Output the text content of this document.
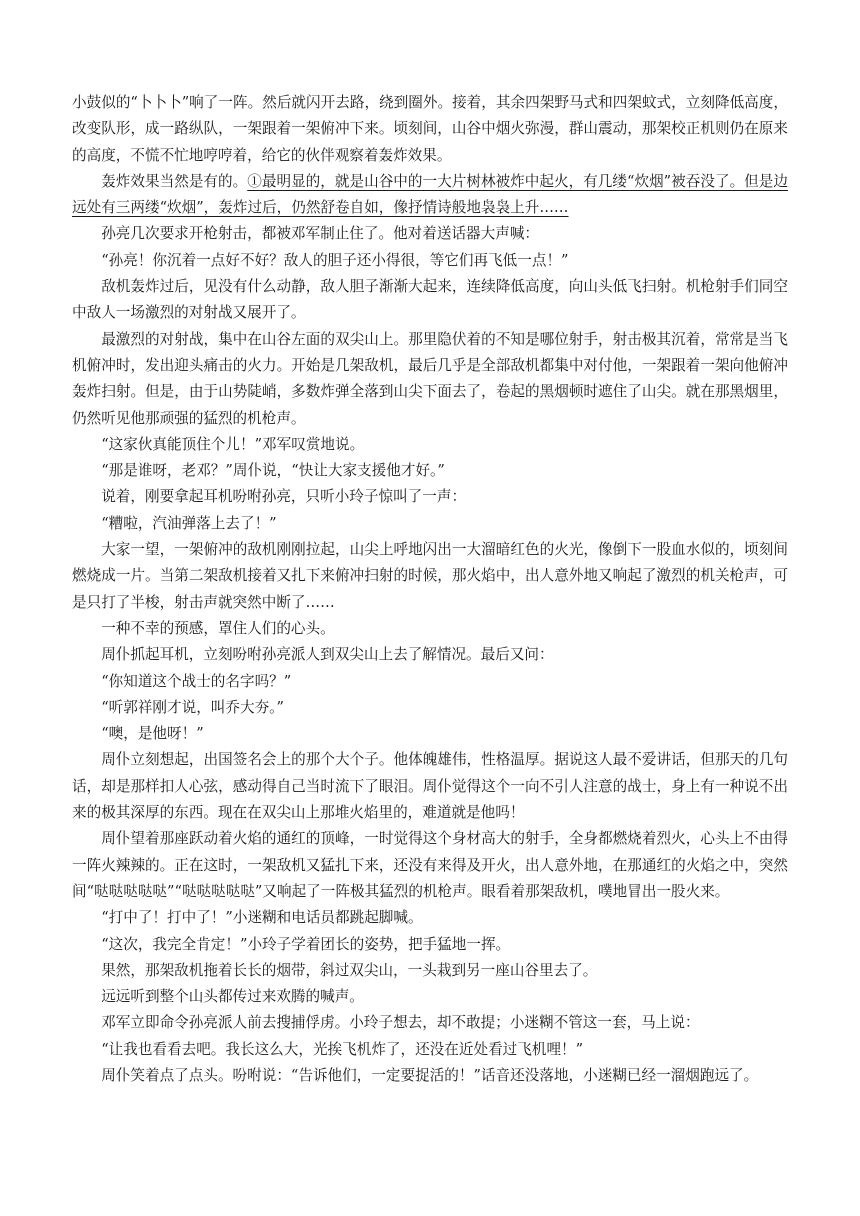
小鼓似的“卜卜卜”响了一阵。然后就闪开去路，绕到圈外。接着，其余四架野马式和四架蚊式，立刻降低高度，改变队形，成一路纵队，一架跟着一架俯冲下来。顷刻间，山谷中烟火弥漫，群山震动，那架校正机则仍在原来的高度，不慌不忙地哼哼着，给它的伙伴观察着轰炸效果。

轰炸效果当然是有的。①最明显的，就是山谷中的一大片树林被炸中起火，有几缕“炊烟”被吞没了。但是边远处有三两缕“炊烟”，轰炸过后，仍然舒卷自如，像抒情诗般地袅袅上升……

孙亮几次要求开枪射击，都被邓军制止住了。他对着送话器大声喊：

“孙亮！你沉着一点好不好？敌人的胆子还小得很，等它们再飞低一点！”

敌机轰炸过后，见没有什么动静，敌人胆子渐渐大起来，连续降低高度，向山头低飞扫射。机枪射手们同空中敌人一场激烈的对射战又展开了。

最激烈的对射战，集中在山谷左面的双尖山上。那里隐伏着的不知是哪位射手，射击极其沉着，常常是当飞机俯冲时，发出迎头痛击的火力。开始是几架敌机，最后几乎是全部敌机都集中对付他，一架跟着一架向他俯冲轰炸扫射。但是，由于山势陡峭，多数炸弹全落到山尖下面去了，卷起的黑烟顿时遮住了山尖。就在那黑烟里，仍然听见他那顽强的猛烈的机枪声。

“这家伙真能顶住个儿！”邓军叹赏地说。

“那是谁呀，老邓？”周仆说，“快让大家支援他才好。”

说着，刚要拿起耳机吩咐孙亮，只听小玲子惊叫了一声：

“糟啦，汽油弹落上去了！”

大家一望，一架俯冲的敌机刚刚拉起，山尖上呼地闪出一大溜暗红色的火光，像倒下一股血水似的，顷刻间燃烧成一片。当第二架敌机接着又扎下来俯冲扫射的时候，那火焰中，出人意外地又响起了激烈的机关枪声，可是只打了半梭，射击声就突然中断了……

一种不幸的预感，罩住人们的心头。

周仆抓起耳机，立刻吩咐孙亮派人到双尖山上去了解情况。最后又问：

“你知道这个战士的名字吗？”

“听郭祥刚才说，叫乔大夯。”

“噢，是他呀！”

周仆立刻想起，出国签名会上的那个大个子。他体魄雄伟，性格温厚。据说这人最不爱讲话，但那天的几句话，却是那样扣人心弦，感动得自己当时流下了眼泪。周仆觉得这个一向不引人注意的战士，身上有一种说不出来的极其深厚的东西。现在在双尖山上那堆火焰里的，难道就是他吗！

周仆望着那座跃动着火焰的通红的顶峰，一时觉得这个身材高大的射手，全身都燃烧着烈火，心头上不由得一阵火辣辣的。正在这时，一架敌机又猛扎下来，还没有来得及开火，出人意外地，在那通红的火焰之中，突然间“哒哒哒哒哒”“哒哒哒哒哒”又响起了一阵极其猛烈的机枪声。眼看着那架敌机，噗地冒出一股火来。

“打中了！打中了！”小迷糊和电话员都跳起脚喊。

“这次，我完全肯定！”小玲子学着团长的姿势，把手猛地一挥。

果然，那架敌机拖着长长的烟带，斜过双尖山，一头栽到另一座山谷里去了。

远远听到整个山头都传过来欢腾的喊声。

邓军立即命令孙亮派人前去搜捕俘虏。小玲子想去，却不敢提；小迷糊不管这一套，马上说：

“让我也看看去吧。我长这么大，光挨飞机炸了，还没在近处看过飞机哩！”

周仆笑着点了点头。吩咐说：“告诉他们，一定要捉活的！”话音还没落地，小迷糊已经一溜烟跑远了。
